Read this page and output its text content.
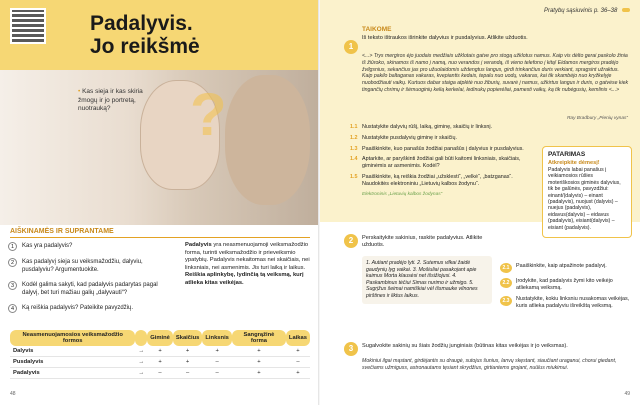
Padalyvis.
Jo reikšmė
?
• Kas sieja ir kas skiria žmogų ir jo portretą, nuotrauką?
AIŠKINAMĖS IR SUPRANTAME
1	Kas yra padalyvis?
2	Kas padalyvį sieja su veiksmažodžiu, dalyviu, pusdalyviu? Argumentuokite.
3	Kodėl galima sakyti, kad padalyvis padarytas pagal dalyvį, bet turi mažiau galių „dalyvauti“?
4	Ką reiškia padalyvis? Pateikite pavyzdžių.
Padalyvis yra neasmenuojamoji veiksmažodžio forma, turinti veiksmažodžio ir prieveiksmio ypatybių. Padalyvis nekaitomas nei skaičiais, nei linksniais, nei asmenimis. Jis turi laiką ir laikus. Reiškia aplinkybę, lydinčią tą veiksmą, kurį atlieka kitas veikėjas.
Neasmenuojamosios veiksmažodžio formos		Giminė	Skaičius	Linksnis	Sangrąžinė forma	Laikas
Dalyvis	→	+	+	+	+	+
Pusdalyvis	→	+	+	–	+	–
Padalyvis	→	–	–	–	+	+
48
Pratybų sąsiuvinis p. 36–38
1
TAIKOME
Iš teksto ištraukos išrinkite dalyvius ir pusdalyvius. Atlikite užduotis.
<...> Trys mergiros ėjo juodais medžiais užklotais gatve pro stogą užklotus namus. Kaip vis dėlto gerai paskolo žinia iš žiūroko, skinamos iš namo į namą, nuo verandos į verandą, iš vieno telefono į kitą! Eidamos mergiros pradėjo žvilgsnius, sekančius jas pro užuolaidomis uždengtus langus, girdi trinkančius duris verkiant, spragsint užraktus. Kaip pakilo baltaganas vakaras, kvepiantis kedais, tepalu nuo uodų, vakaras, kai tik skambėjo nuo kryžkelyje nuobodžiauti vaikų. Kurtuos dabar staiga atplėtė nuo žiburių, suvarė į namus, užkirtus langus ir duris, o gatvėse kiek tingančių chrimų ir šėmuoginių kelią kerkelai, ledinukų popierėliai, pamesti vaikų, ką tik nubėgusių, kemlinis <...>
Ray Bradbury „Pienių vynas“
1.1 Nustatykite dalyvių rūšį, laiką, giminę, skaičių ir linksnį.
1.2 Nustatykite pusdalyvių giminę ir skaičių.
1.3 Paaiškinkite, kuo panašūs žodžiai panašūs į dalyvius ir pusdalyvius.
1.4 Aptarkite, ar paryškinti žodžiai gali būti kaitomi linksniais, skaičiais, giminėmis ar asmenimis. Kodėl?
1.5 Paaiškinkite, ką reiškia žodžiai „užsklesti“, „velkė“, „batzganas“. Naudokitės elektroniniu „Lietuvių kalbos žodynu“.
Elektroninis „Lietuvių kalbos žodynas“
PATARIMAS
Atkreipkite dėmesį!
Padalyvis labai panašus į veikiamosios rūšies moteriškosios giminės dalyvius, tik be galūnės, pavyzdžiui: einant/(dalyvis) – einant (padalyvis), nuojust (dalyvis) – nuejus (padalyvis), eidavus(dalyvis) – eidavus (padalyvis), eisiant(dalyvis) – eisiant (padalyvis).
2	Perskaitykite sakinius, raskite padalyvius. Atlikite užduotis.
1. Autiant pradėjo lyti. 2. Sutemus vilkai žaidė gaudynių lyg vaikai. 3. Mošiuliai pasakojant apie kaimus Morta klausėsi net išsižiojusi. 4. Paskambinus tėčiui Simas nurimo ir užmigo. 5. Sugrįžus šeimai namiškiai vėl išsmauke vilnones pirštines ir liktus laikus.
2.1	Paaiškinkite, kaip atpažinote padalyvį.
2.2	Įrodykite, kad padalyvis žymi kito veikėjo atliekamą veiksmą.
2.3	Nustatykite, kokiu linksniu nusakomas veikėjas, kuris atlieka padalyviu išreikštą veiksmą.
3	Sugalvokite sakinių su šiais žodžių junginiais (būtinas kitas veikėjas ir jo veiksmas).
Mokiniui ilgai mąstant, girdėjantis su draugė, sutojus šunius, lanvų skęstant, siaučiant uraganui, chorui giedant, svečiams užmiguss, astronautams tęsiant skrydžius, girtiantems grojant, nuūlus miukimui.
49
